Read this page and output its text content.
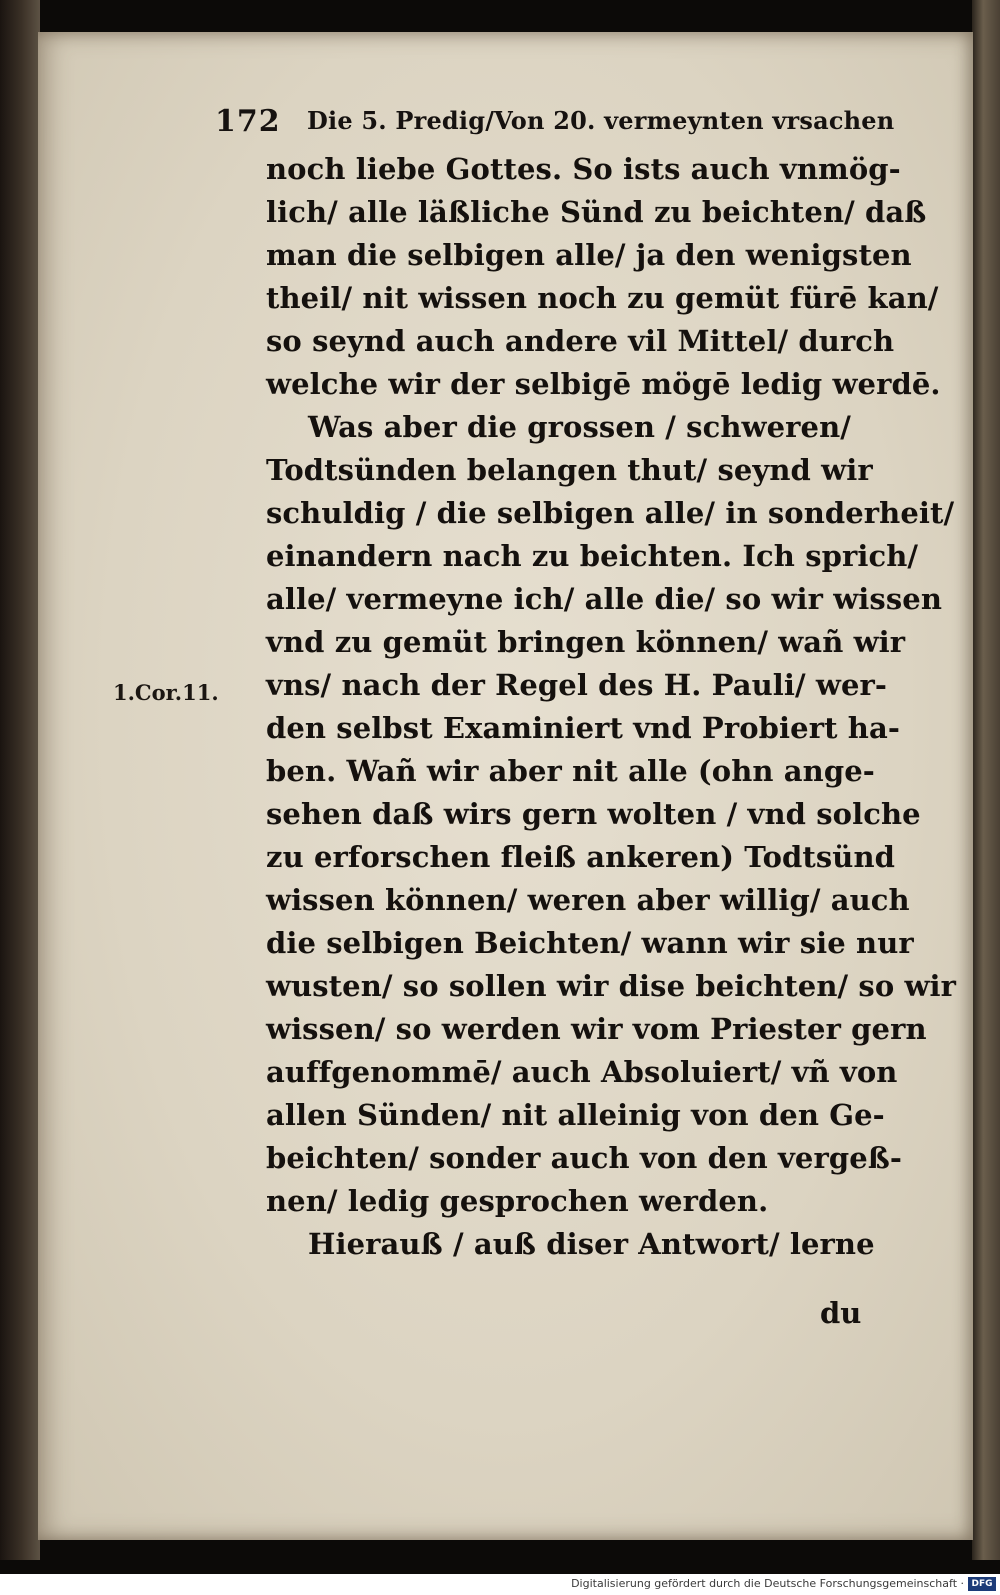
172 Die 5. Predig/Von 20. vermeynten vrsachen
1.Cor.11.
noch liebe Gottes. So ists auch vnmög-
lich/ alle läßliche Sünd zu beichten/ daß
man die selbigen alle/ ja den wenigsten
theil/ nit wissen noch zu gemüt fürē kan/
so seynd auch andere vil Mittel/ durch
welche wir der selbigē mögē ledig werdē.
Was aber die grossen / schweren/
Todtsünden belangen thut/ seynd wir
schuldig / die selbigen alle/ in sonderheit/
einandern nach zu beichten. Ich sprich/
alle/ vermeyne ich/ alle die/ so wir wissen
vnd zu gemüt bringen können/ wañ wir
vns/ nach der Regel des H. Pauli/ wer-
den selbst Examiniert vnd Probiert ha-
ben. Wañ wir aber nit alle (ohn ange-
sehen daß wirs gern wolten / vnd solche
zu erforschen fleiß ankeren) Todtsünd
wissen können/ weren aber willig/ auch
die selbigen Beichten/ wann wir sie nur
wusten/ so sollen wir dise beichten/ so wir
wissen/ so werden wir vom Priester gern
auffgenommē/ auch Absoluiert/ vñ von
allen Sünden/ nit alleinig von den Ge-
beichten/ sonder auch von den vergeß-
nen/ ledig gesprochen werden.
Hierauß / auß diser Antwort/ lerne
du
Digitalisierung gefördert durch die Deutsche Forschungsgemeinschaft · DFG
